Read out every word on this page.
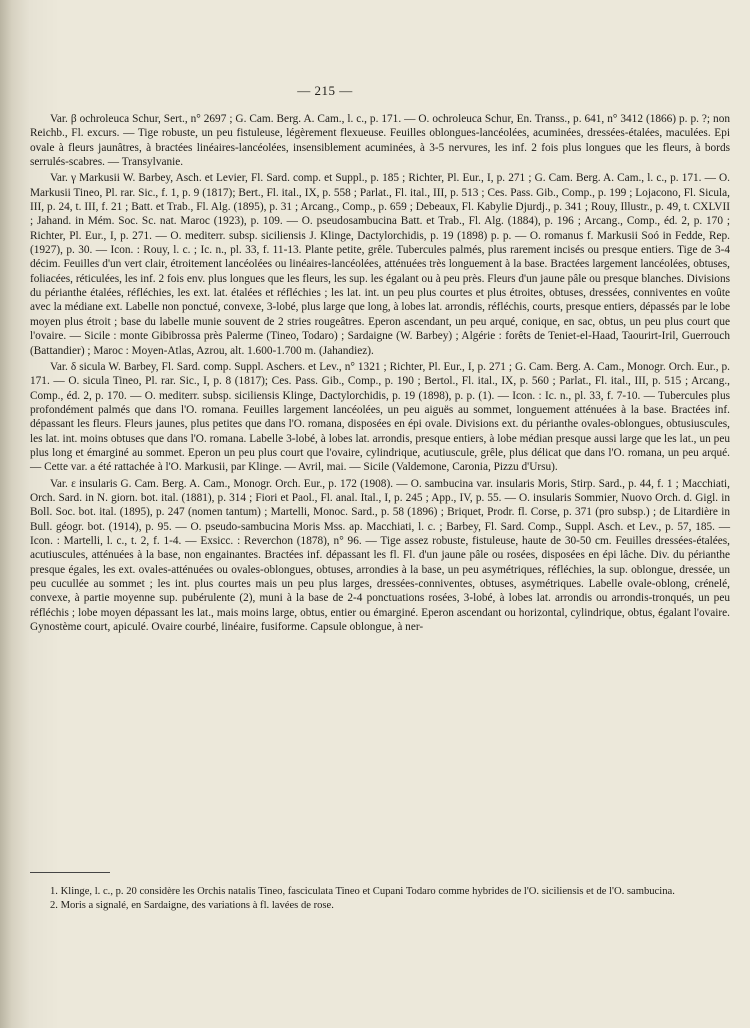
— 215 —

Var. β ochroleuca Schur, Sert., n° 2697 ; G. Cam. Berg. A. Cam., l. c., p. 171. — O. ochroleuca Schur, En. Transs., p. 641, n° 3412 (1866) p. p. ?; non Reichb., Fl. excurs. — Tige robuste, un peu fistuleuse, légèrement flexueuse. Feuilles oblongues-lancéolées, acuminées, dressées-étalées, maculées. Epi ovale à fleurs jaunâtres, à bractées linéaires-lancéolées, insensiblement acuminées, à 3-5 nervures, les inf. 2 fois plus longues que les fleurs, à bords serrulés-scabres. — Transylvanie.

Var. γ Markusii W. Barbey, Asch. et Levier, Fl. Sard. comp. et Suppl., p. 185 ; Richter, Pl. Eur., I, p. 271 ; G. Cam. Berg. A. Cam., l. c., p. 171. — O. Markusii Tineo, Pl. rar. Sic., f. 1, p. 9 (1817); Bert., Fl. ital., IX, p. 558 ; Parlat., Fl. ital., III, p. 513 ; Ces. Pass. Gib., Comp., p. 199 ; Lojacono, Fl. Sicula, III, p. 24, t. III, f. 21 ; Batt. et Trab., Fl. Alg. (1895), p. 31 ; Arcang., Comp., p. 659 ; Debeaux, Fl. Kabylie Djurdj., p. 341 ; Rouy, Illustr., p. 49, t. CXLVII ; Jahand. in Mém. Soc. Sc. nat. Maroc (1923), p. 109. — O. pseudosambucina Batt. et Trab., Fl. Alg. (1884), p. 196 ; Arcang., Comp., éd. 2, p. 170 ; Richter, Pl. Eur., I, p. 271. — O. mediterr. subsp. siciliensis J. Klinge, Dactylorchidis, p. 19 (1898) p. p. — O. romanus f. Markusii Soó in Fedde, Rep. (1927), p. 30. — Icon. : Rouy, l. c. ; Ic. n., pl. 33, f. 11-13. Plante petite, grêle. Tubercules palmés, plus rarement incisés ou presque entiers. Tige de 3-4 décim. Feuilles d'un vert clair, étroitement lancéolées ou linéaires-lancéolées, atténuées très longuement à la base. Bractées largement lancéolées, obtuses, foliacées, réticulées, les inf. 2 fois env. plus longues que les fleurs, les sup. les égalant ou à peu près. Fleurs d'un jaune pâle ou presque blanches. Divisions du périanthe étalées, réfléchies, les ext. lat. étalées et réfléchies ; les lat. int. un peu plus courtes et plus étroites, obtuses, dressées, conniventes en voûte avec la médiane ext. Labelle non ponctué, convexe, 3-lobé, plus large que long, à lobes lat. arrondis, réfléchis, courts, presque entiers, dépassés par le lobe moyen plus étroit ; base du labelle munie souvent de 2 stries rougeâtres. Eperon ascendant, un peu arqué, conique, en sac, obtus, un peu plus court que l'ovaire. — Sicile : monte Gibibrossa près Palerme (Tineo, Todaro) ; Sardaigne (W. Barbey) ; Algérie : forêts de Teniet-el-Haad, Taourirt-Iril, Guerrouch (Battandier) ; Maroc : Moyen-Atlas, Azrou, alt. 1.600-1.700 m. (Jahandiez).

Var. δ sicula W. Barbey, Fl. Sard. comp. Suppl. Aschers. et Lev., n° 1321 ; Richter, Pl. Eur., I, p. 271 ; G. Cam. Berg. A. Cam., Monogr. Orch. Eur., p. 171. — O. sicula Tineo, Pl. rar. Sic., I, p. 8 (1817); Ces. Pass. Gib., Comp., p. 190 ; Bertol., Fl. ital., IX, p. 560 ; Parlat., Fl. ital., III, p. 515 ; Arcang., Comp., éd. 2, p. 170. — O. mediterr. subsp. siciliensis Klinge, Dactylorchidis, p. 19 (1898), p. p. (1). — Icon. : Ic. n., pl. 33, f. 7-10. — Tubercules plus profondément palmés que dans l'O. romana. Feuilles largement lancéolées, un peu aiguës au sommet, longuement atténuées à la base. Bractées inf. dépassant les fleurs. Fleurs jaunes, plus petites que dans l'O. romana, disposées en épi ovale. Divisions ext. du périanthe ovales-oblongues, obtusiuscules, les lat. int. moins obtuses que dans l'O. romana. Labelle 3-lobé, à lobes lat. arrondis, presque entiers, à lobe médian presque aussi large que les lat., un peu plus long et émarginé au sommet. Eperon un peu plus court que l'ovaire, cylindrique, acutiuscule, grêle, plus délicat que dans l'O. romana, un peu arqué. — Cette var. a été rattachée à l'O. Markusii, par Klinge. — Avril, mai. — Sicile (Valdemone, Caronia, Pizzu d'Ursu).

Var. ε insularis G. Cam. Berg. A. Cam., Monogr. Orch. Eur., p. 172 (1908). — O. sambucina var. insularis Moris, Stirp. Sard., p. 44, f. 1 ; Macchiati, Orch. Sard. in N. giorn. bot. ital. (1881), p. 314 ; Fiori et Paol., Fl. anal. Ital., I, p. 245 ; App., IV, p. 55. — O. insularis Sommier, Nuovo Orch. d. Gigl. in Boll. Soc. bot. ital. (1895), p. 247 (nomen tantum) ; Martelli, Monoc. Sard., p. 58 (1896) ; Briquet, Prodr. fl. Corse, p. 371 (pro subsp.) ; de Litardière in Bull. géogr. bot. (1914), p. 95. — O. pseudo-sambucina Moris Mss. ap. Macchiati, l. c. ; Barbey, Fl. Sard. Comp., Suppl. Asch. et Lev., p. 57, 185. — Icon. : Martelli, l. c., t. 2, f. 1-4. — Exsicc. : Reverchon (1878), n° 96. — Tige assez robuste, fistuleuse, haute de 30-50 cm. Feuilles dressées-étalées, acutiuscules, atténuées à la base, non engainantes. Bractées inf. dépassant les fl. Fl. d'un jaune pâle ou rosées, disposées en épi lâche. Div. du périanthe presque égales, les ext. ovales-atténuées ou ovales-oblongues, obtuses, arrondies à la base, un peu asymétriques, réfléchies, la sup. oblongue, dressée, un peu cucullée au sommet ; les int. plus courtes mais un peu plus larges, dressées-conniventes, obtuses, asymétriques. Labelle ovale-oblong, crénelé, convexe, à partie moyenne sup. pubérulente (2), muni à la base de 2-4 ponctuations rosées, 3-lobé, à lobes lat. arrondis ou arrondis-tronqués, un peu réfléchis ; lobe moyen dépassant les lat., mais moins large, obtus, entier ou émarginé. Eperon ascendant ou horizontal, cylindrique, obtus, égalant l'ovaire. Gynostème court, apiculé. Ovaire courbé, linéaire, fusiforme. Capsule oblongue, à ner-

1. Klinge, l. c., p. 20 considère les Orchis natalis Tineo, fasciculata Tineo et Cupani Todaro comme hybrides de l'O. siciliensis et de l'O. sambucina.

2. Moris a signalé, en Sardaigne, des variations à fl. lavées de rose.
